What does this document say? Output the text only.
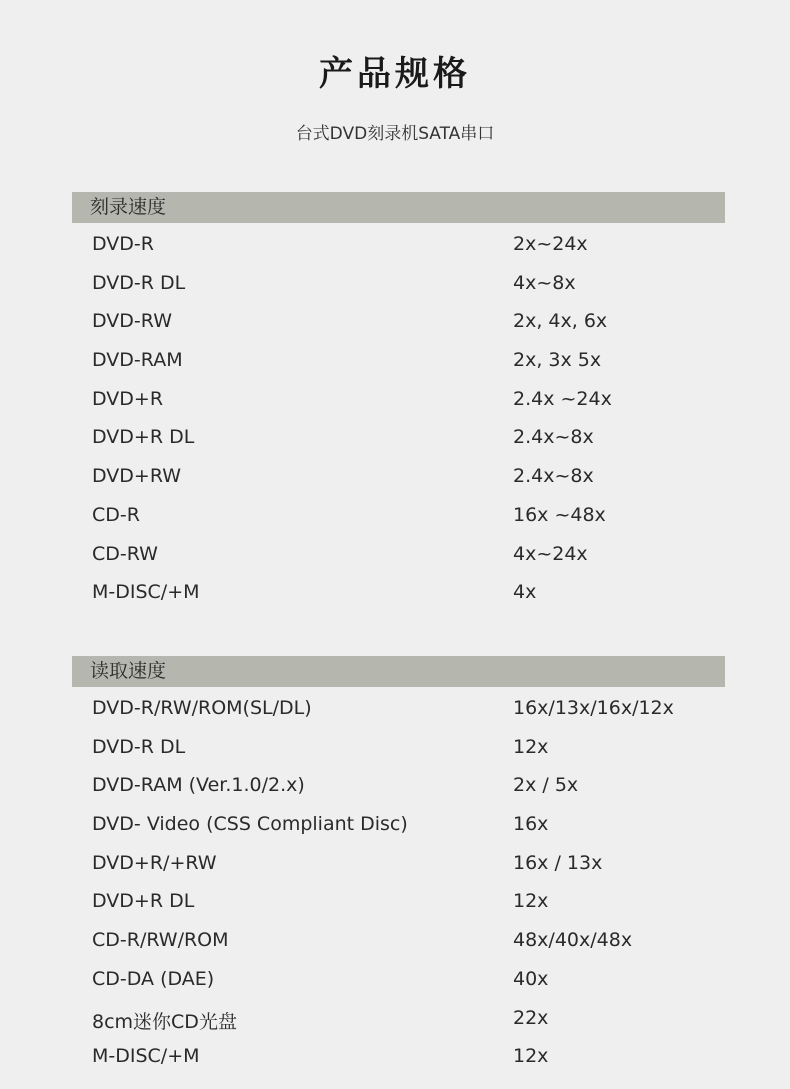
产品规格
台式DVD刻录机SATA串口
刻录速度
DVD-R	2x~24x
DVD-R DL	4x~8x
DVD-RW	2x, 4x, 6x
DVD-RAM	2x, 3x 5x
DVD+R	2.4x ~24x
DVD+R DL	2.4x~8x
DVD+RW	2.4x~8x
CD-R	16x ~48x
CD-RW	4x~24x
M-DISC/+M	4x
读取速度
DVD-R/RW/ROM(SL/DL)	16x/13x/16x/12x
DVD-R DL	12x
DVD-RAM (Ver.1.0/2.x)	2x / 5x
DVD- Video (CSS Compliant Disc)	16x
DVD+R/+RW	16x / 13x
DVD+R DL	12x
CD-R/RW/ROM	48x/40x/48x
CD-DA (DAE)	40x
8cm迷你CD光盘	22x
M-DISC/+M	12x
